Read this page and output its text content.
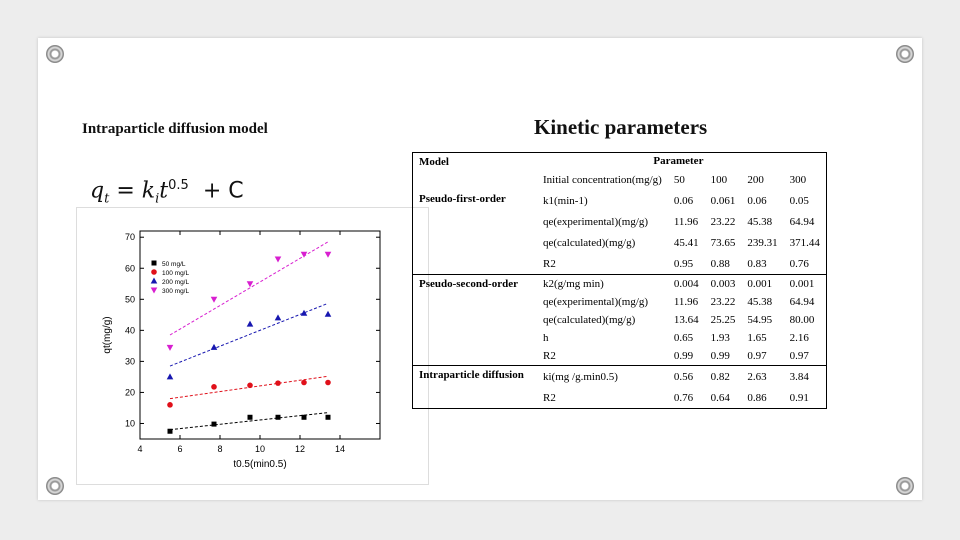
Kinetic parameters
Intraparticle diffusion model
$q_t = k_it^{0.5} + C$
4	6	8	10	12	14
10
20
30
40
50
60
70
qt(mg/g)
t0.5(min0.5)
50 mg/L
100 mg/L
200 mg/L
300 mg/L
Model	Parameter				
	Initial concentration(mg/g)	50	100	200	300
Pseudo-first-order	k1(min-1)	0.06	0.061	0.06	0.05
	qe(experimental)(mg/g)	11.96	23.22	45.38	64.94
	qe(calculated)(mg/g)	45.41	73.65	239.31	371.44
	R2	0.95	0.88	0.83	0.76
Pseudo-second-order	k2(g/mg min)	0.004	0.003	0.001	0.001
	qe(experimental)(mg/g)	11.96	23.22	45.38	64.94
	qe(calculated)(mg/g)	13.64	25.25	54.95	80.00
	h	0.65	1.93	1.65	2.16
	R2	0.99	0.99	0.97	0.97
Intraparticle diffusion	ki(mg /g.min0.5)	0.56	0.82	2.63	3.84
	R2	0.76	0.64	0.86	0.91
